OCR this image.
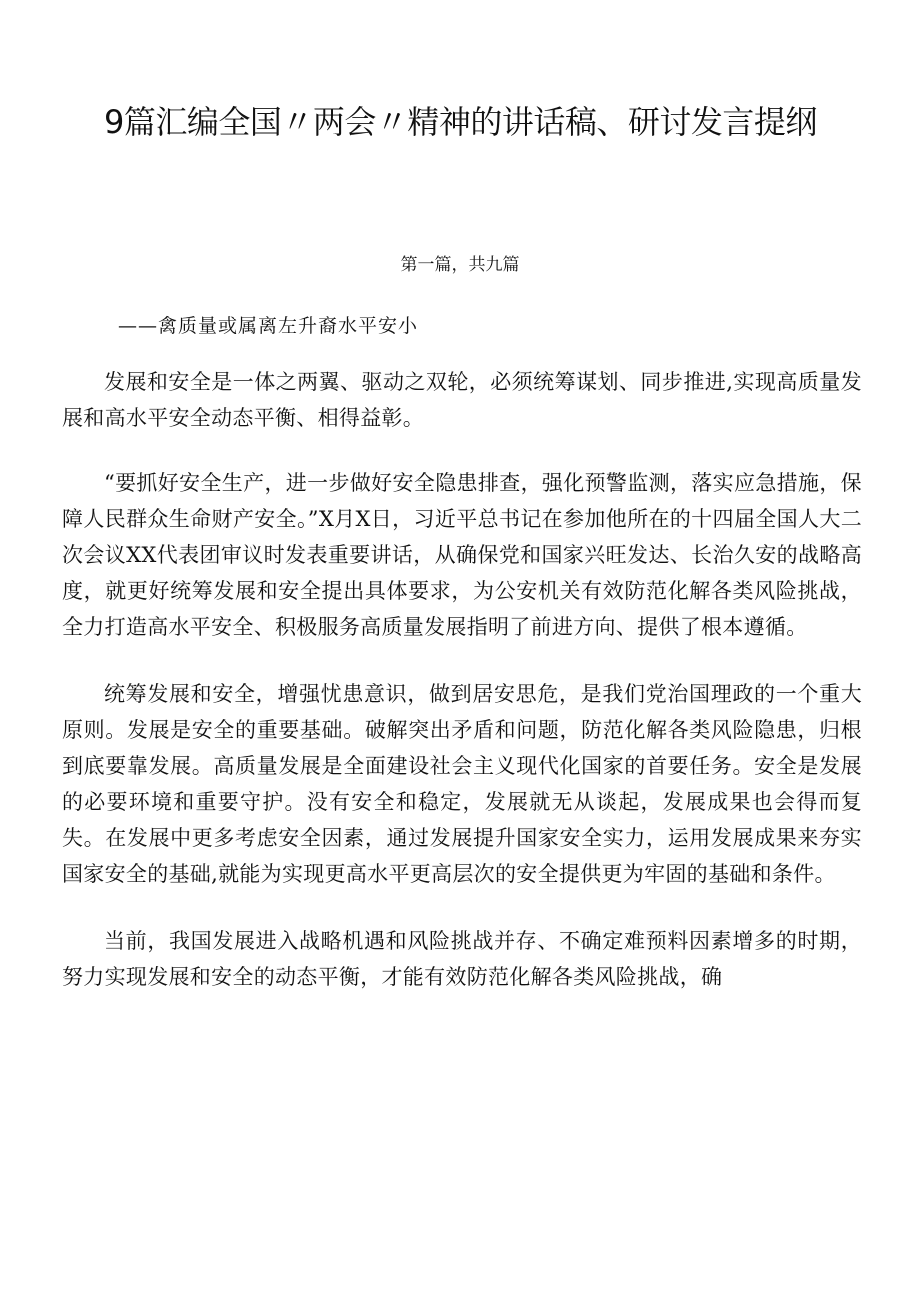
9篇汇编全国〃两会〃精神的讲话稿、研讨发言提纲
第一篇，共九篇
——禽质量或属离左升裔水平安小

发展和安全是一体之两翼、驱动之双轮，必须统筹谋划、同步推进,实现高质量发展和高水平安全动态平衡、相得益彰。

“要抓好安全生产，进一步做好安全隐患排查，强化预警监测，落实应急措施，保障人民群众生命财产安全。”X月X日，习近平总书记在参加他所在的十四届全国人大二次会议XX代表团审议时发表重要讲话，从确保党和国家兴旺发达、长治久安的战略高度，就更好统筹发展和安全提出具体要求，为公安机关有效防范化解各类风险挑战，全力打造高水平安全、积极服务高质量发展指明了前进方向、提供了根本遵循。

统筹发展和安全，增强忧患意识，做到居安思危，是我们党治国理政的一个重大原则。发展是安全的重要基础。破解突出矛盾和问题，防范化解各类风险隐患，归根到底要靠发展。高质量发展是全面建设社会主义现代化国家的首要任务。安全是发展的必要环境和重要守护。没有安全和稳定，发展就无从谈起，发展成果也会得而复失。在发展中更多考虑安全因素，通过发展提升国家安全实力，运用发展成果来夯实国家安全的基础,就能为实现更高水平更高层次的安全提供更为牢固的基础和条件。

当前，我国发展进入战略机遇和风险挑战并存、不确定难预料因素增多的时期，努力实现发展和安全的动态平衡，才能有效防范化解各类风险挑战，确
